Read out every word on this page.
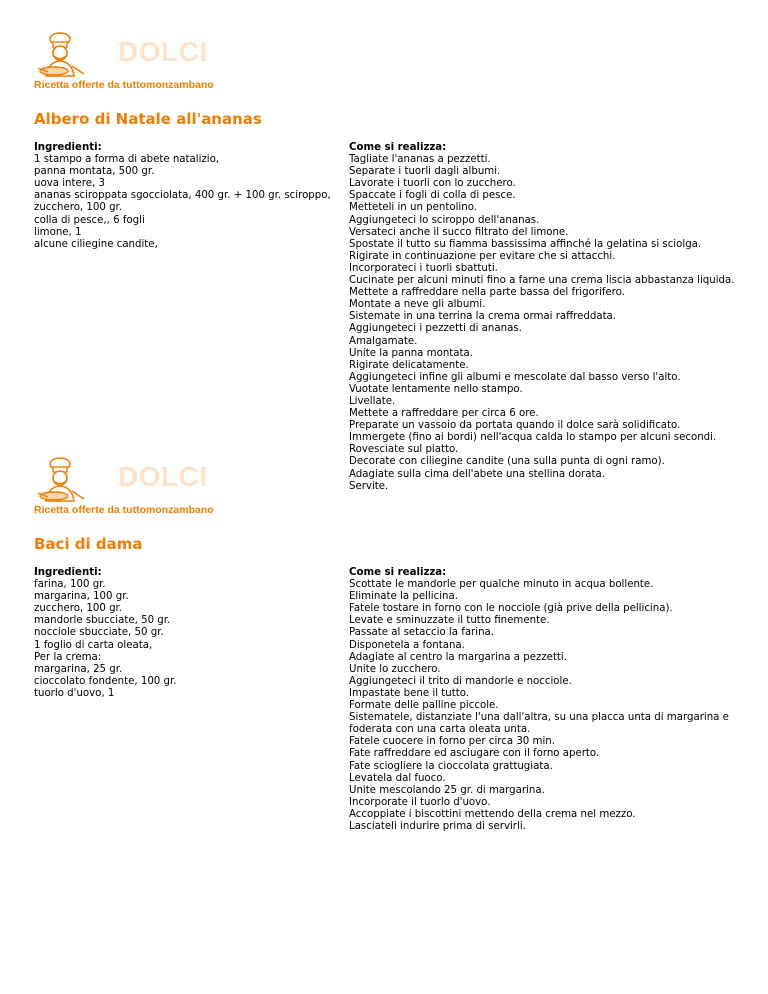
DOLCI
Ricetta offerte da tuttomonzambano
Albero di Natale all'ananas
Ingredienti:
1 stampo a forma di abete natalizio,
panna montata, 500 gr.
uova intere, 3
ananas sciroppata sgocciolata, 400 gr. + 100 gr. sciroppo,
zucchero, 100 gr.
colla di pesce,, 6 fogli
limone, 1
alcune ciliegine candite,
Come si realizza:
Tagliate l'ananas a pezzetti.
Separate i tuorli dagli albumi.
Lavorate i tuorli con lo zucchero.
Spaccate i fogli di colla di pesce.
Metteteli in un pentolino.
Aggiungeteci lo sciroppo dell'ananas.
Versateci anche il succo filtrato del limone.
Spostate il tutto su fiamma bassissima affinché la gelatina si sciolga.
Rigirate in continuazione per evitare che si attacchi.
Incorporateci i tuorli sbattuti.
Cucinate per alcuni minuti fino a farne una crema liscia abbastanza liquida.
Mettete a raffreddare nella parte bassa del frigorifero.
Montate a neve gli albumi.
Sistemate in una terrina la crema ormai raffreddata.
Aggiungeteci i pezzetti di ananas.
Amalgamate.
Unite la panna montata.
Rigirate delicatamente.
Aggiungeteci infine gli albumi e mescolate dal basso verso l'alto.
Vuotate lentamente nello stampo.
Livellate.
Mettete a raffreddare per circa 6 ore.
Preparate un vassoio da portata quando il dolce sarà solidificato.
Immergete (fino ai bordi) nell'acqua calda lo stampo per alcuni secondi.
Rovesciate sul piatto.
Decorate con ciliegine candite (una sulla punta di ogni ramo).
Adagiate sulla cima dell'abete una stellina dorata.
Servite.
DOLCI
Ricetta offerte da tuttomonzambano
Baci di dama
Ingredienti:
farina, 100 gr.
margarina, 100 gr.
zucchero, 100 gr.
mandorle sbucciate, 50 gr.
nocciole sbucciate, 50 gr.
1 foglio di carta oleata,
Per la crema:
margarina, 25 gr.
cioccolato fondente, 100 gr.
tuorlo d'uovo, 1
Come si realizza:
Scottate le mandorle per qualche minuto in acqua bollente.
Eliminate la pellicina.
Fatele tostare in forno con le nocciole (già prive della pellicina).
Levate e sminuzzate il tutto finemente.
Passate al setaccio la farina.
Disponetela a fontana.
Adagiate al centro la margarina a pezzetti.
Unite lo zucchero.
Aggiungeteci il trito di mandorle e nocciole.
Impastate bene il tutto.
Formate delle palline piccole.
Sistematele, distanziate l'una dall'altra, su una placca unta di margarina e foderata con una carta oleata unta.
Fatele cuocere in forno per circa 30 min.
Fate raffreddare ed asciugare con il forno aperto.
Fate sciogliere la cioccolata grattugiata.
Levatela dal fuoco.
Unite mescolando 25 gr. di margarina.
Incorporate il tuorlo d'uovo.
Accoppiate i biscottini mettendo della crema nel mezzo.
Lasciateli indurire prima di servirli.
